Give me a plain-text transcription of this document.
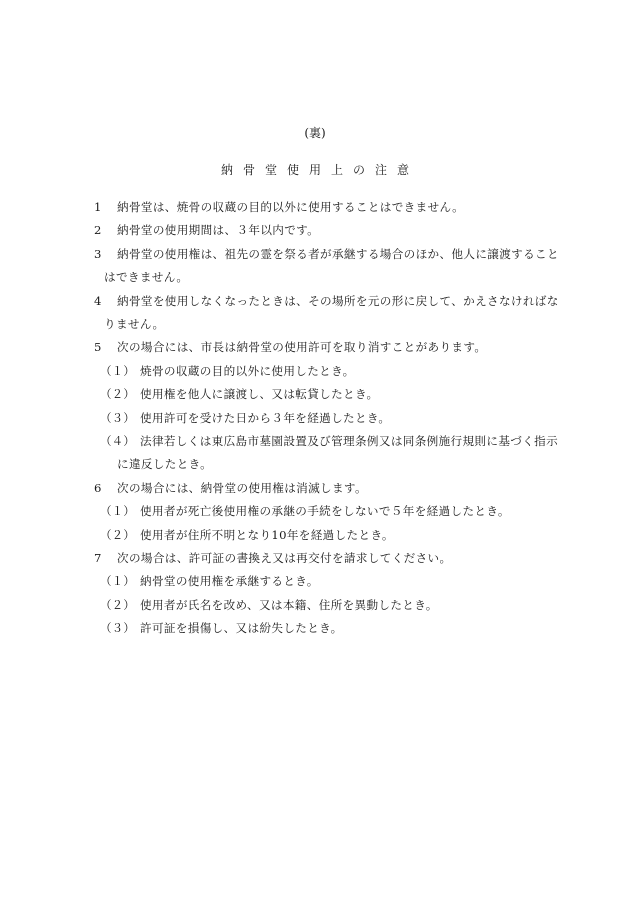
(裏)
納骨堂使用上の注意
1 納骨堂は、焼骨の収蔵の目的以外に使用することはできません。
2 納骨堂の使用期間は、３年以内です。
3 納骨堂の使用権は、祖先の霊を祭る者が承継する場合のほか、他人に譲渡すること
はできません。
4 納骨堂を使用しなくなったときは、その場所を元の形に戻して、かえさなければな
りません。
5 次の場合には、市長は納骨堂の使用許可を取り消すことがあります。
（１） 焼骨の収蔵の目的以外に使用したとき。
（２） 使用権を他人に譲渡し、又は転貸したとき。
（３） 使用許可を受けた日から３年を経過したとき。
（４） 法律若しくは東広島市墓園設置及び管理条例又は同条例施行規則に基づく指示
に違反したとき。
6 次の場合には、納骨堂の使用権は消滅します。
（１） 使用者が死亡後使用権の承継の手続をしないで５年を経過したとき。
（２） 使用者が住所不明となり10年を経過したとき。
7 次の場合は、許可証の書換え又は再交付を請求してください。
（１） 納骨堂の使用権を承継するとき。
（２） 使用者が氏名を改め、又は本籍、住所を異動したとき。
（３） 許可証を損傷し、又は紛失したとき。
